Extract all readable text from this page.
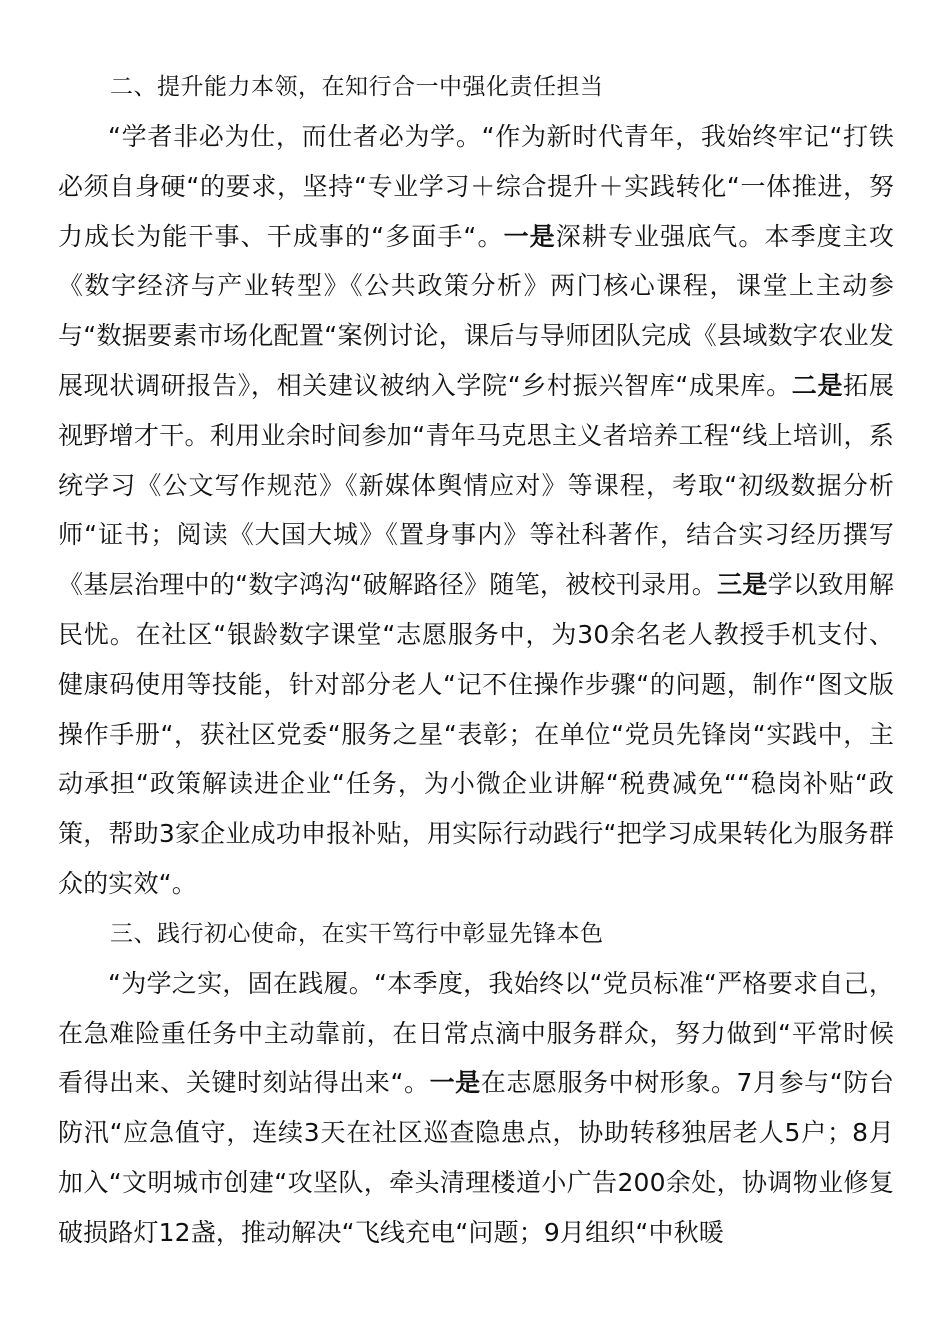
二、提升能力本领，在知行合一中强化责任担当

“学者非必为仕，而仕者必为学。“作为新时代青年，我始终牢记“打铁必须自身硬“的要求，坚持“专业学习＋综合提升＋实践转化“一体推进，努力成长为能干事、干成事的“多面手“。一是深耕专业强底气。本季度主攻《数字经济与产业转型》《公共政策分析》两门核心课程，课堂上主动参与“数据要素市场化配置“案例讨论，课后与导师团队完成《县域数字农业发展现状调研报告》，相关建议被纳入学院“乡村振兴智库“成果库。二是拓展视野增才干。利用业余时间参加“青年马克思主义者培养工程“线上培训，系统学习《公文写作规范》《新媒体舆情应对》等课程，考取“初级数据分析师“证书；阅读《大国大城》《置身事内》等社科著作，结合实习经历撰写《基层治理中的“数字鸿沟“破解路径》随笔，被校刊录用。三是学以致用解民忧。在社区“银龄数字课堂“志愿服务中，为30余名老人教授手机支付、健康码使用等技能，针对部分老人“记不住操作步骤“的问题，制作“图文版操作手册“，获社区党委“服务之星“表彰；在单位“党员先锋岗“实践中，主动承担“政策解读进企业“任务，为小微企业讲解“税费减免““稳岗补贴“政策，帮助3家企业成功申报补贴，用实际行动践行“把学习成果转化为服务群众的实效“。

三、践行初心使命，在实干笃行中彰显先锋本色

“为学之实，固在践履。“本季度，我始终以“党员标准“严格要求自己，在急难险重任务中主动靠前，在日常点滴中服务群众，努力做到“平常时候看得出来、关键时刻站得出来“。一是在志愿服务中树形象。7月参与“防台防汛“应急值守，连续3天在社区巡查隐患点，协助转移独居老人5户；8月加入“文明城市创建“攻坚队，牵头清理楼道小广告200余处，协调物业修复破损路灯12盏，推动解决“飞线充电“问题；9月组织“中秋暖
